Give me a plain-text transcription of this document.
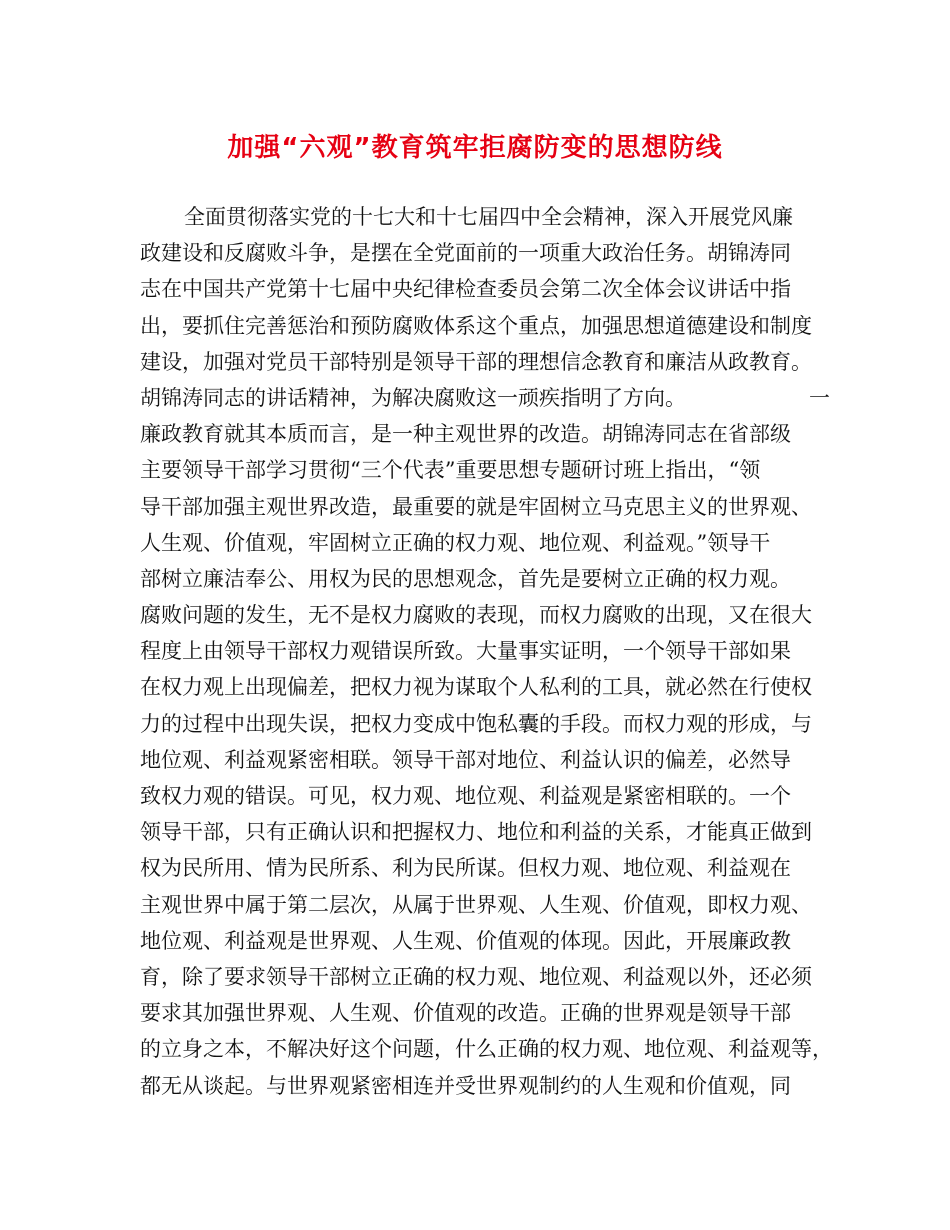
加强“六观”教育筑牢拒腐防变的思想防线
全面贯彻落实党的十七大和十七届四中全会精神，深入开展党风廉
政建设和反腐败斗争，是摆在全党面前的一项重大政治任务。胡锦涛同
志在中国共产党第十七届中央纪律检查委员会第二次全体会议讲话中指
出，要抓住完善惩治和预防腐败体系这个重点，加强思想道德建设和制度
建设，加强对党员干部特别是领导干部的理想信念教育和廉洁从政教育。
胡锦涛同志的讲话精神，为解决腐败这一顽疾指明了方向。	一
廉政教育就其本质而言，是一种主观世界的改造。胡锦涛同志在省部级
主要领导干部学习贯彻“三个代表”重要思想专题研讨班上指出，“领
导干部加强主观世界改造，最重要的就是牢固树立马克思主义的世界观、
人生观、价值观，牢固树立正确的权力观、地位观、利益观。”领导干
部树立廉洁奉公、用权为民的思想观念，首先是要树立正确的权力观。
腐败问题的发生，无不是权力腐败的表现，而权力腐败的出现，又在很大
程度上由领导干部权力观错误所致。大量事实证明，一个领导干部如果
在权力观上出现偏差，把权力视为谋取个人私利的工具，就必然在行使权
力的过程中出现失误，把权力变成中饱私囊的手段。而权力观的形成，与
地位观、利益观紧密相联。领导干部对地位、利益认识的偏差，必然导
致权力观的错误。可见，权力观、地位观、利益观是紧密相联的。一个
领导干部，只有正确认识和把握权力、地位和利益的关系，才能真正做到
权为民所用、情为民所系、利为民所谋。但权力观、地位观、利益观在
主观世界中属于第二层次，从属于世界观、人生观、价值观，即权力观、
地位观、利益观是世界观、人生观、价值观的体现。因此，开展廉政教
育，除了要求领导干部树立正确的权力观、地位观、利益观以外，还必须
要求其加强世界观、人生观、价值观的改造。正确的世界观是领导干部
的立身之本，不解决好这个问题，什么正确的权力观、地位观、利益观等，
都无从谈起。与世界观紧密相连并受世界观制约的人生观和价值观，同
